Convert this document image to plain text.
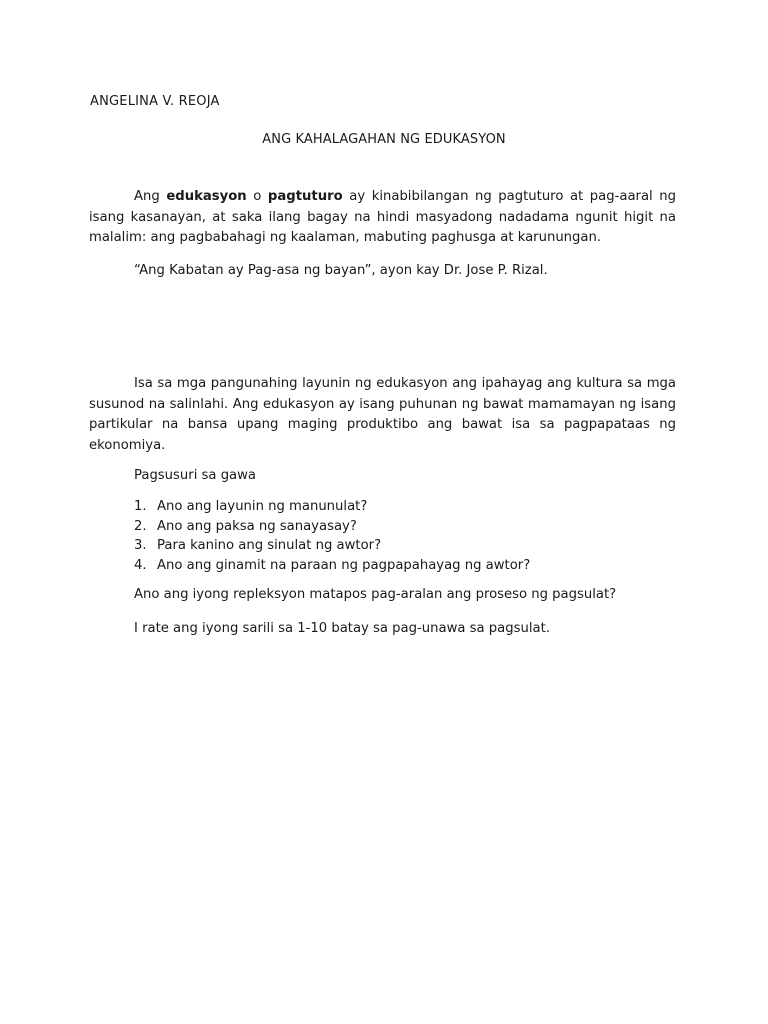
ANGELINA V. REOJA
ANG KAHALAGAHAN NG EDUKASYON

Ang edukasyon o pagtuturo ay kinabibilangan ng pagtuturo at pag-aaral ng isang kasanayan, at saka ilang bagay na hindi masyadong nadadama ngunit higit na malalim: ang pagbabahagi ng kaalaman, mabuting paghusga at karunungan.

“Ang Kabatan ay Pag-asa ng bayan”, ayon kay Dr. Jose P. Rizal.

Isa sa mga pangunahing layunin ng edukasyon ang ipahayag ang kultura sa mga susunod na salinlahi. Ang edukasyon ay isang puhunan ng bawat mamamayan ng isang partikular na bansa upang maging produktibo ang bawat isa sa pagpapataas ng ekonomiya.

Pagsusuri sa gawa
1. Ano ang layunin ng manunulat?
2. Ano ang paksa ng sanayasay?
3. Para kanino ang sinulat ng awtor?
4. Ano ang ginamit na paraan ng pagpapahayag ng awtor?
Ano ang iyong repleksyon matapos pag-aralan ang proseso ng pagsulat?
I rate ang iyong sarili sa 1-10 batay sa pag-unawa sa pagsulat.
